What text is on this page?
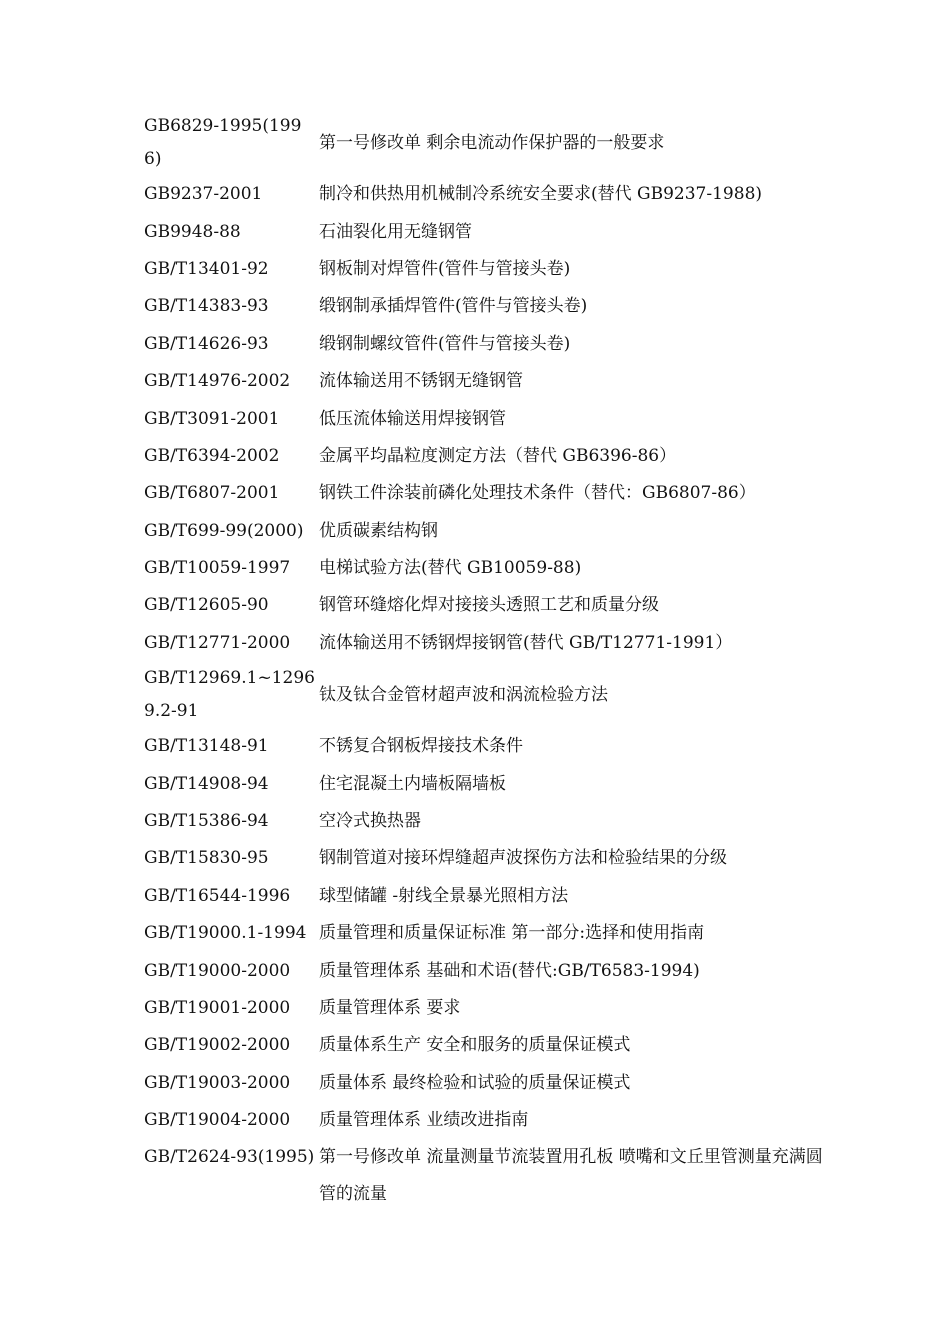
GB6829-1995(1996)	第一号修改单 剩余电流动作保护器的一般要求
GB9237-2001	制冷和供热用机械制冷系统安全要求(替代 GB9237-1988)
GB9948-88	石油裂化用无缝钢管
GB/T13401-92	钢板制对焊管件(管件与管接头卷)
GB/T14383-93	缎钢制承插焊管件(管件与管接头卷)
GB/T14626-93	缎钢制螺纹管件(管件与管接头卷)
GB/T14976-2002	流体输送用不锈钢无缝钢管
GB/T3091-2001	低压流体输送用焊接钢管
GB/T6394-2002	金属平均晶粒度测定方法（替代 GB6396-86）
GB/T6807-2001	钢铁工件涂装前磷化处理技术条件（替代：GB6807-86）
GB/T699-99(2000)	优质碳素结构钢
GB/T10059-1997	电梯试验方法(替代 GB10059-88)
GB/T12605-90	钢管环缝熔化焊对接接头透照工艺和质量分级
GB/T12771-2000	流体输送用不锈钢焊接钢管(替代 GB/T12771-1991）
GB/T12969.1~12969.2-91	钛及钛合金管材超声波和涡流检验方法
GB/T13148-91	不锈复合钢板焊接技术条件
GB/T14908-94	住宅混凝土内墙板隔墙板
GB/T15386-94	空冷式换热器
GB/T15830-95	钢制管道对接环焊缝超声波探伤方法和检验结果的分级
GB/T16544-1996	球型储罐 -射线全景暴光照相方法
GB/T19000.1-1994	质量管理和质量保证标准 第一部分:选择和使用指南
GB/T19000-2000	质量管理体系 基础和术语(替代:GB/T6583-1994)
GB/T19001-2000	质量管理体系 要求
GB/T19002-2000	质量体系生产 安全和服务的质量保证模式
GB/T19003-2000	质量体系 最终检验和试验的质量保证模式
GB/T19004-2000	质量管理体系 业绩改进指南
GB/T2624-93(1995)	第一号修改单 流量测量节流装置用孔板 喷嘴和文丘里管测量充满圆管的流量
